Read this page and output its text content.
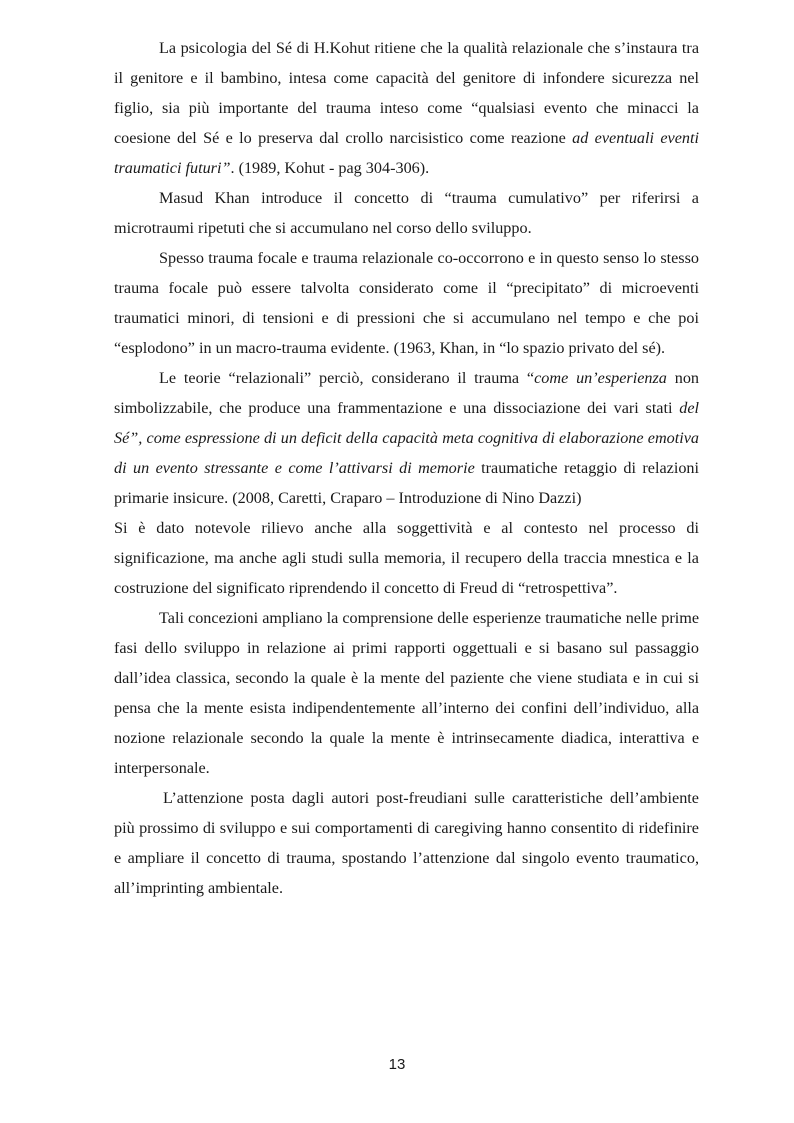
La psicologia del Sé di H.Kohut ritiene che la qualità relazionale che s’instaura tra il genitore e il bambino, intesa come capacità del genitore di infondere sicurezza nel figlio, sia più importante del trauma inteso come “qualsiasi evento che minacci la coesione del Sé e lo preserva dal crollo narcisistico come reazione ad eventuali eventi traumatici futuri”. (1989, Kohut - pag 304-306).

Masud Khan introduce il concetto di “trauma cumulativo” per riferirsi a microtraumi ripetuti che si accumulano nel corso dello sviluppo.

Spesso trauma focale e trauma relazionale co-occorrono e in questo senso lo stesso trauma focale può essere talvolta considerato come il “precipitato” di microeventi traumatici minori, di tensioni e di pressioni che si accumulano nel tempo e che poi “esplodono” in un macro-trauma evidente. (1963, Khan, in “lo spazio privato del sé).

Le teorie “relazionali” perciò, considerano il trauma “come un’esperienza non simbolizzabile, che produce una frammentazione e una dissociazione dei vari stati del Sé”, come espressione di un deficit della capacità meta cognitiva di elaborazione emotiva di un evento stressante e come l’attivarsi di memorie traumatiche retaggio di relazioni primarie insicure. (2008, Caretti, Craparo – Introduzione di Nino Dazzi)

Si è dato notevole rilievo anche alla soggettività e al contesto nel processo di significazione, ma anche agli studi sulla memoria, il recupero della traccia mnestica e la costruzione del significato riprendendo il concetto di Freud di “retrospettiva”.

Tali concezioni ampliano la comprensione delle esperienze traumatiche nelle prime fasi dello sviluppo in relazione ai primi rapporti oggettuali e si basano sul passaggio dall’idea classica, secondo la quale è la mente del paziente che viene studiata e in cui si pensa che la mente esista indipendentemente all’interno dei confini dell’individuo, alla nozione relazionale secondo la quale la mente è intrinsecamente diadica, interattiva e interpersonale.

L’attenzione posta dagli autori post-freudiani sulle caratteristiche dell’ambiente più prossimo di sviluppo e sui comportamenti di caregiving hanno consentito di ridefinire e ampliare il concetto di trauma, spostando l’attenzione dal singolo evento traumatico, all’imprinting ambientale.

13
